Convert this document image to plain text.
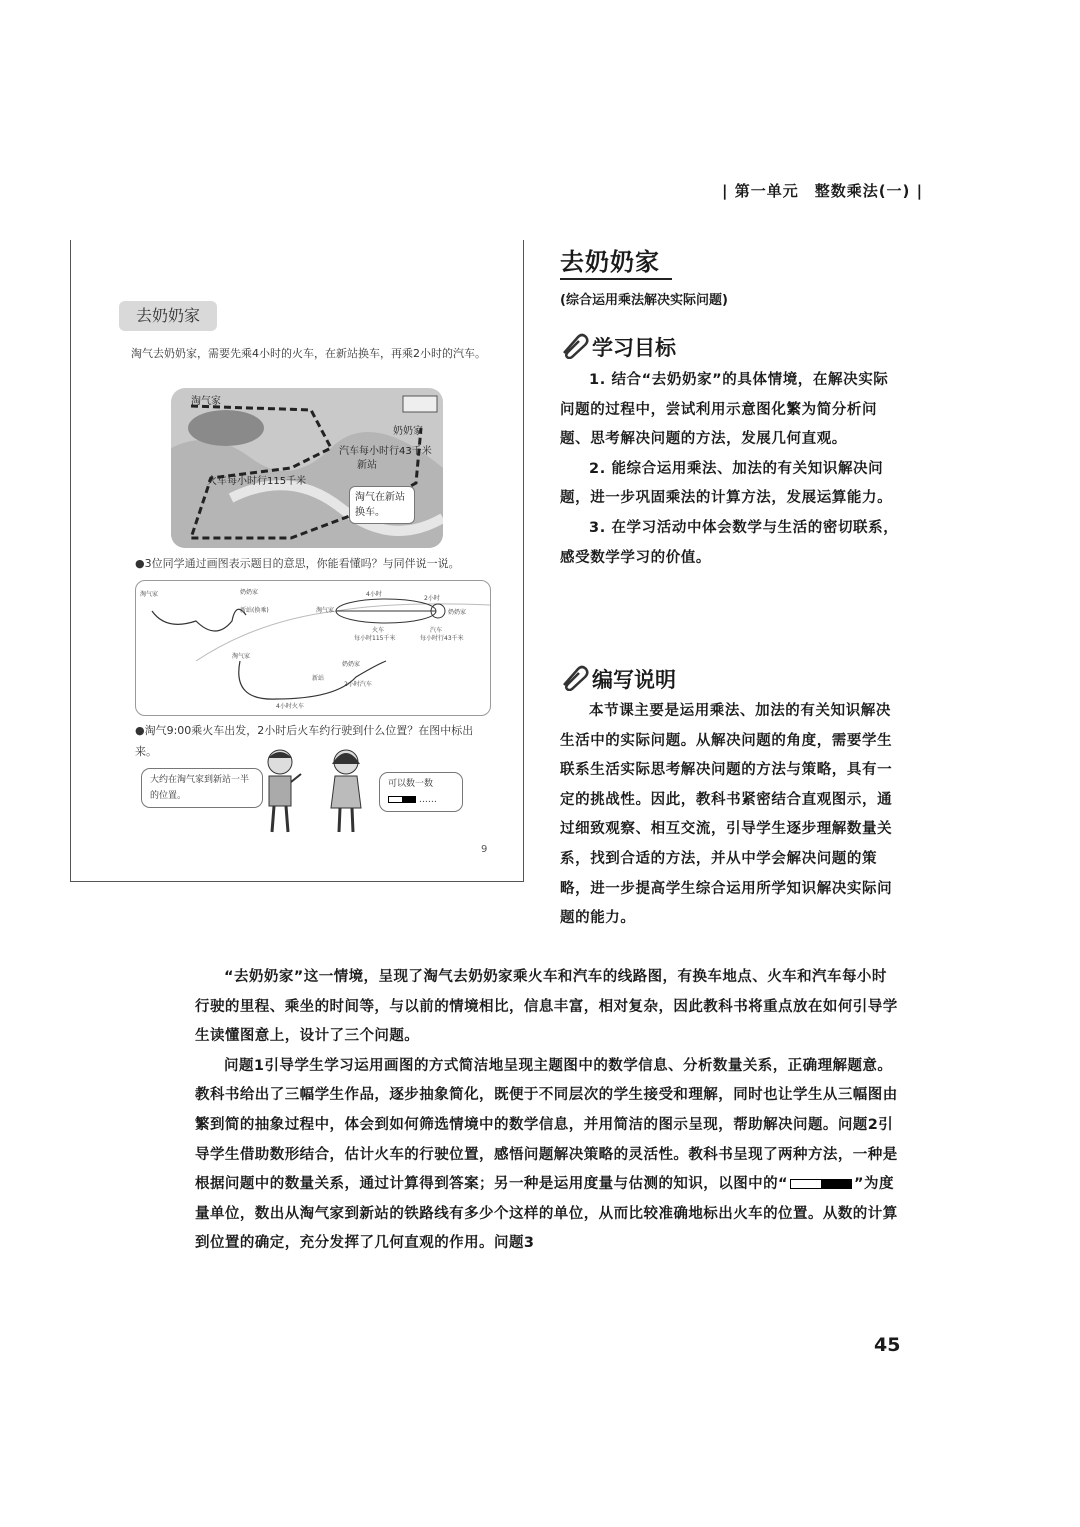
| 第一单元　整数乘法(一) |
去奶奶家
淘气去奶奶家，需要先乘4小时的火车，在新站换车，再乘2小时的汽车。
淘气家
奶奶家
汽车每小时行43千米
新站
火车每小时行115千米
淘气在新站换车。
●3位同学通过画图表示题目的意思，你能看懂吗？与同伴说一说。
淘气家	奶奶家
新站(换乘)	淘气家	奶奶家
4小时
2小时
火车
每小时115千米
汽车
每小时行43千米
淘气家
奶奶家
新站
2小时汽车
4小时火车
●淘气9:00乘火车出发，2小时后火车约行驶到什么位置？在图中标出来。
大约在淘气家到新站一半的位置。
可以数一数
……
9
去奶奶家
(综合运用乘法解决实际问题)
学习目标

1. 结合“去奶奶家”的具体情境，在解决实际问题的过程中，尝试利用示意图化繁为简分析问题、思考解决问题的方法，发展几何直观。

2. 能综合运用乘法、加法的有关知识解决问题，进一步巩固乘法的计算方法，发展运算能力。

3. 在学习活动中体会数学与生活的密切联系，感受数学学习的价值。

编写说明

本节课主要是运用乘法、加法的有关知识解决生活中的实际问题。从解决问题的角度，需要学生联系生活实际思考解决问题的方法与策略，具有一定的挑战性。因此，教科书紧密结合直观图示，通过细致观察、相互交流，引导学生逐步理解数量关系，找到合适的方法，并从中学会解决问题的策略，进一步提高学生综合运用所学知识解决实际问题的能力。

“去奶奶家”这一情境，呈现了淘气去奶奶家乘火车和汽车的线路图，有换车地点、火车和汽车每小时行驶的里程、乘坐的时间等，与以前的情境相比，信息丰富，相对复杂，因此教科书将重点放在如何引导学生读懂图意上，设计了三个问题。

问题1引导学生学习运用画图的方式简洁地呈现主题图中的数学信息、分析数量关系，正确理解题意。教科书给出了三幅学生作品，逐步抽象简化，既便于不同层次的学生接受和理解，同时也让学生从三幅图由繁到简的抽象过程中，体会到如何筛选情境中的数学信息，并用简洁的图示呈现，帮助解决问题。问题2引导学生借助数形结合，估计火车的行驶位置，感悟问题解决策略的灵活性。教科书呈现了两种方法，一种是根据问题中的数量关系，通过计算得到答案；另一种是运用度量与估测的知识，以图中的“	”为度量单位，数出从淘气家到新站的铁路线有多少个这样的单位，从而比较准确地标出火车的位置。从数的计算到位置的确定，充分发挥了几何直观的作用。问题3

45
